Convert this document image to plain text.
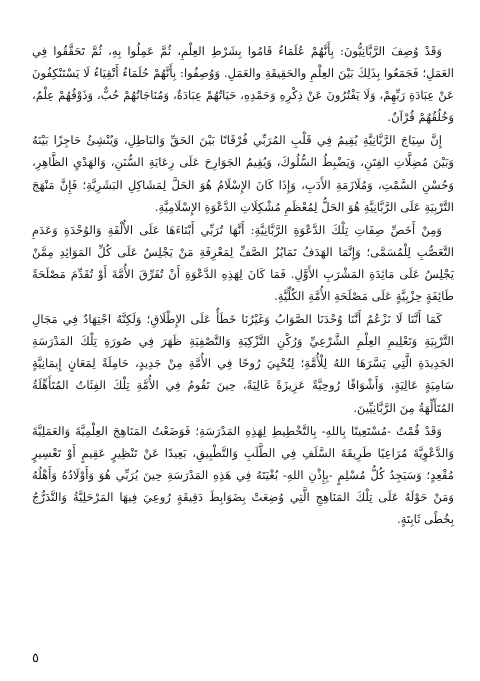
وَقَدْ وُصِفَ الرَّبَّانِيُّونَ: بِأَنَّهُمْ عُلَمَاءُ قَامُوا بِشَرْطِ العِلْمِ، ثُمَّ عَمِلُوا بِهِ، ثُمَّ تَحَقَّقُوا فِي العَمَلِ؛ فَجَمَعُوا بِذَلِكَ بَيْنَ العِلْمِ والحَقِيقَةِ والعَمَلِ. وَوُصِفُوا: بِأَنَّهُمْ حُلَمَاءُ أَتْقِيَاءُ لَا يَسْتَنْكِفُونَ عَنْ عِبَادَةِ رَبِّهِمْ، وَلَا يَفْتُرُونَ عَنْ ذِكْرِهِ وَحَمْدِهِ، حَيَاتُهُمْ عِبَادَةٌ، وَمُنَاجَاتُهُمْ حُبٌّ، وَذَوْقُهُمْ عِلْمٌ، وَخُلُقُهُمْ قُرْآنٌ.

إِنَّ سِيَاجَ الرَّبَّانِيَّةِ يُقِيمُ فِي قَلْبِ المُرَبِّي فُرْقَانًا بَيْنَ الحَقِّ وَالبَاطِلِ، وَيُنْشِئُ حَاجِزًا بَيْنَهُ وَبَيْنَ مُضِلَّاتِ الفِتَنِ، وَيَضْبِطُ السُّلُوكَ، وَيُقِيمُ الجَوَارِحَ عَلَى رِعَايَةِ السُّنَنِ، وَالهَدْيِ الظَّاهِرِ، وَحُسْنِ السَّمْتِ، وَمُلَازَمَةِ الأَدَبِ، وَإِذَا كَانَ الإِسْلَامُ هُوَ الحَلَّ لِمَشَاكِلِ البَشَرِيَّةِ؛ فَإِنَّ مَنْهَجَ التَّرْبِيَةِ عَلَى الرَّبَّانِيَّةِ هُوَ الحَلُّ لِمُعْظَمِ مُشْكِلَاتِ الدَّعْوَةِ الإِسْلَامِيَّةِ.

وَمِنْ أَخَصِّ صِفَاتِ تِلْكَ الدَّعْوَةِ الرَّبَّانِيَّةِ: أَنَّهَا تُرَبِّي أَبْنَاءَهَا عَلَى الأُلْفَةِ وَالوُحْدَةِ وَعَدَمِ التَّعَصُّبِ لِلْمُسَمَّى؛ وَإِنَّمَا الهَدَفُ تَمَايُزُ الصَّفِّ لِمَعْرِفَةِ مَنْ يَجْلِسُ عَلَى كُلِّ المَوَائِدِ مِمَّنْ يَجْلِسُ عَلَى مَائِدَةِ المَشْرَبِ الأَوَّلِ. فَمَا كَانَ لِهَذِهِ الدَّعْوَةِ أَنْ تُفَرِّقَ الأُمَّةَ أَوْ تُقَدِّمَ مَصْلَحَةً طَائِفَةٍ حِزْبِيَّةٍ عَلَى مَصْلَحَةِ الأُمَّةِ الكُلِّيَّةِ.

كَمَا أَنَّنَا لَا نَزْعُمُ أَنَّنَا وُحْدَنَا الصَّوَابُ وَغَيْرُنَا خَطَأٌ عَلَى الإِطْلَاقِ؛ وَلَكِنَّهُ اجْتِهَادٌ فِي مَجَالِ التَّرْبِيَةِ وَتَعْلِيمِ العِلْمِ الشَّرْعِيِّ وَرُكْنِ التَّزْكِيَةِ وَالتَّصْفِيَةِ ظَهَرَ فِي صُورَةِ تِلْكَ المَدْرَسَةِ الجَدِيدَةِ الَّتِي يَسَّرَهَا اللهُ لِلْأُمَّةِ؛ لِتُحْيِيَ رُوحًا فِي الأُمَّةِ مِنْ جَدِيدٍ، حَامِلَةً لِمَعَانٍ إِيمَانِيَّةٍ سَامِيَةٍ عَالِيَةٍ، وَأَشْوَاقًا رُوحِيَّةً عَزِيزَةً غَالِيَةً، حِينَ تَقُومُ فِي الأُمَّةِ تِلْكَ الفِئَاتُ المُتَأَهِّلَةُ المُتَأَلِّهَةُ مِنَ الرَّبَّانِيِّينَ.

وَقَدْ قُمْتُ -مُسْتَعِينًا بِاللهِ- بِالتَّخْطِيطِ لِهَذِهِ المَدْرَسَةِ؛ فَوَضَعْتُ المَنَاهِجَ العِلْمِيَّةَ وَالعَمَلِيَّةَ وَالدَّعْوِيَّةَ مُرَاعِيًا طَرِيقَةَ السَّلَفِ فِي الطَّلَبِ وَالتَّطْبِيقِ، بَعِيدًا عَنْ تَنْظِيرٍ عَقِيمٍ أَوْ تَعْسِيرٍ مُقْعِدٍ؛ وَسَيَجِدُ كُلُّ مُسْلِمٍ -بِإِذْنِ اللهِ- بُغْيَتَهُ فِي هَذِهِ المَدْرَسَةِ حِينَ يُرَبِّي هُوَ وَأَوْلَادُهُ وَأَهْلُهُ وَمَنْ حَوْلَهُ عَلَى تِلْكَ المَنَاهِجِ الَّتِي وُضِعَتْ بِضَوَابِطَ دَقِيقَةٍ رُوعِيَ فِيهَا المَرْحَلِيَّةُ وَالتَّدَرُّجُ بِخُطًى ثَابِتَةٍ.

٥
